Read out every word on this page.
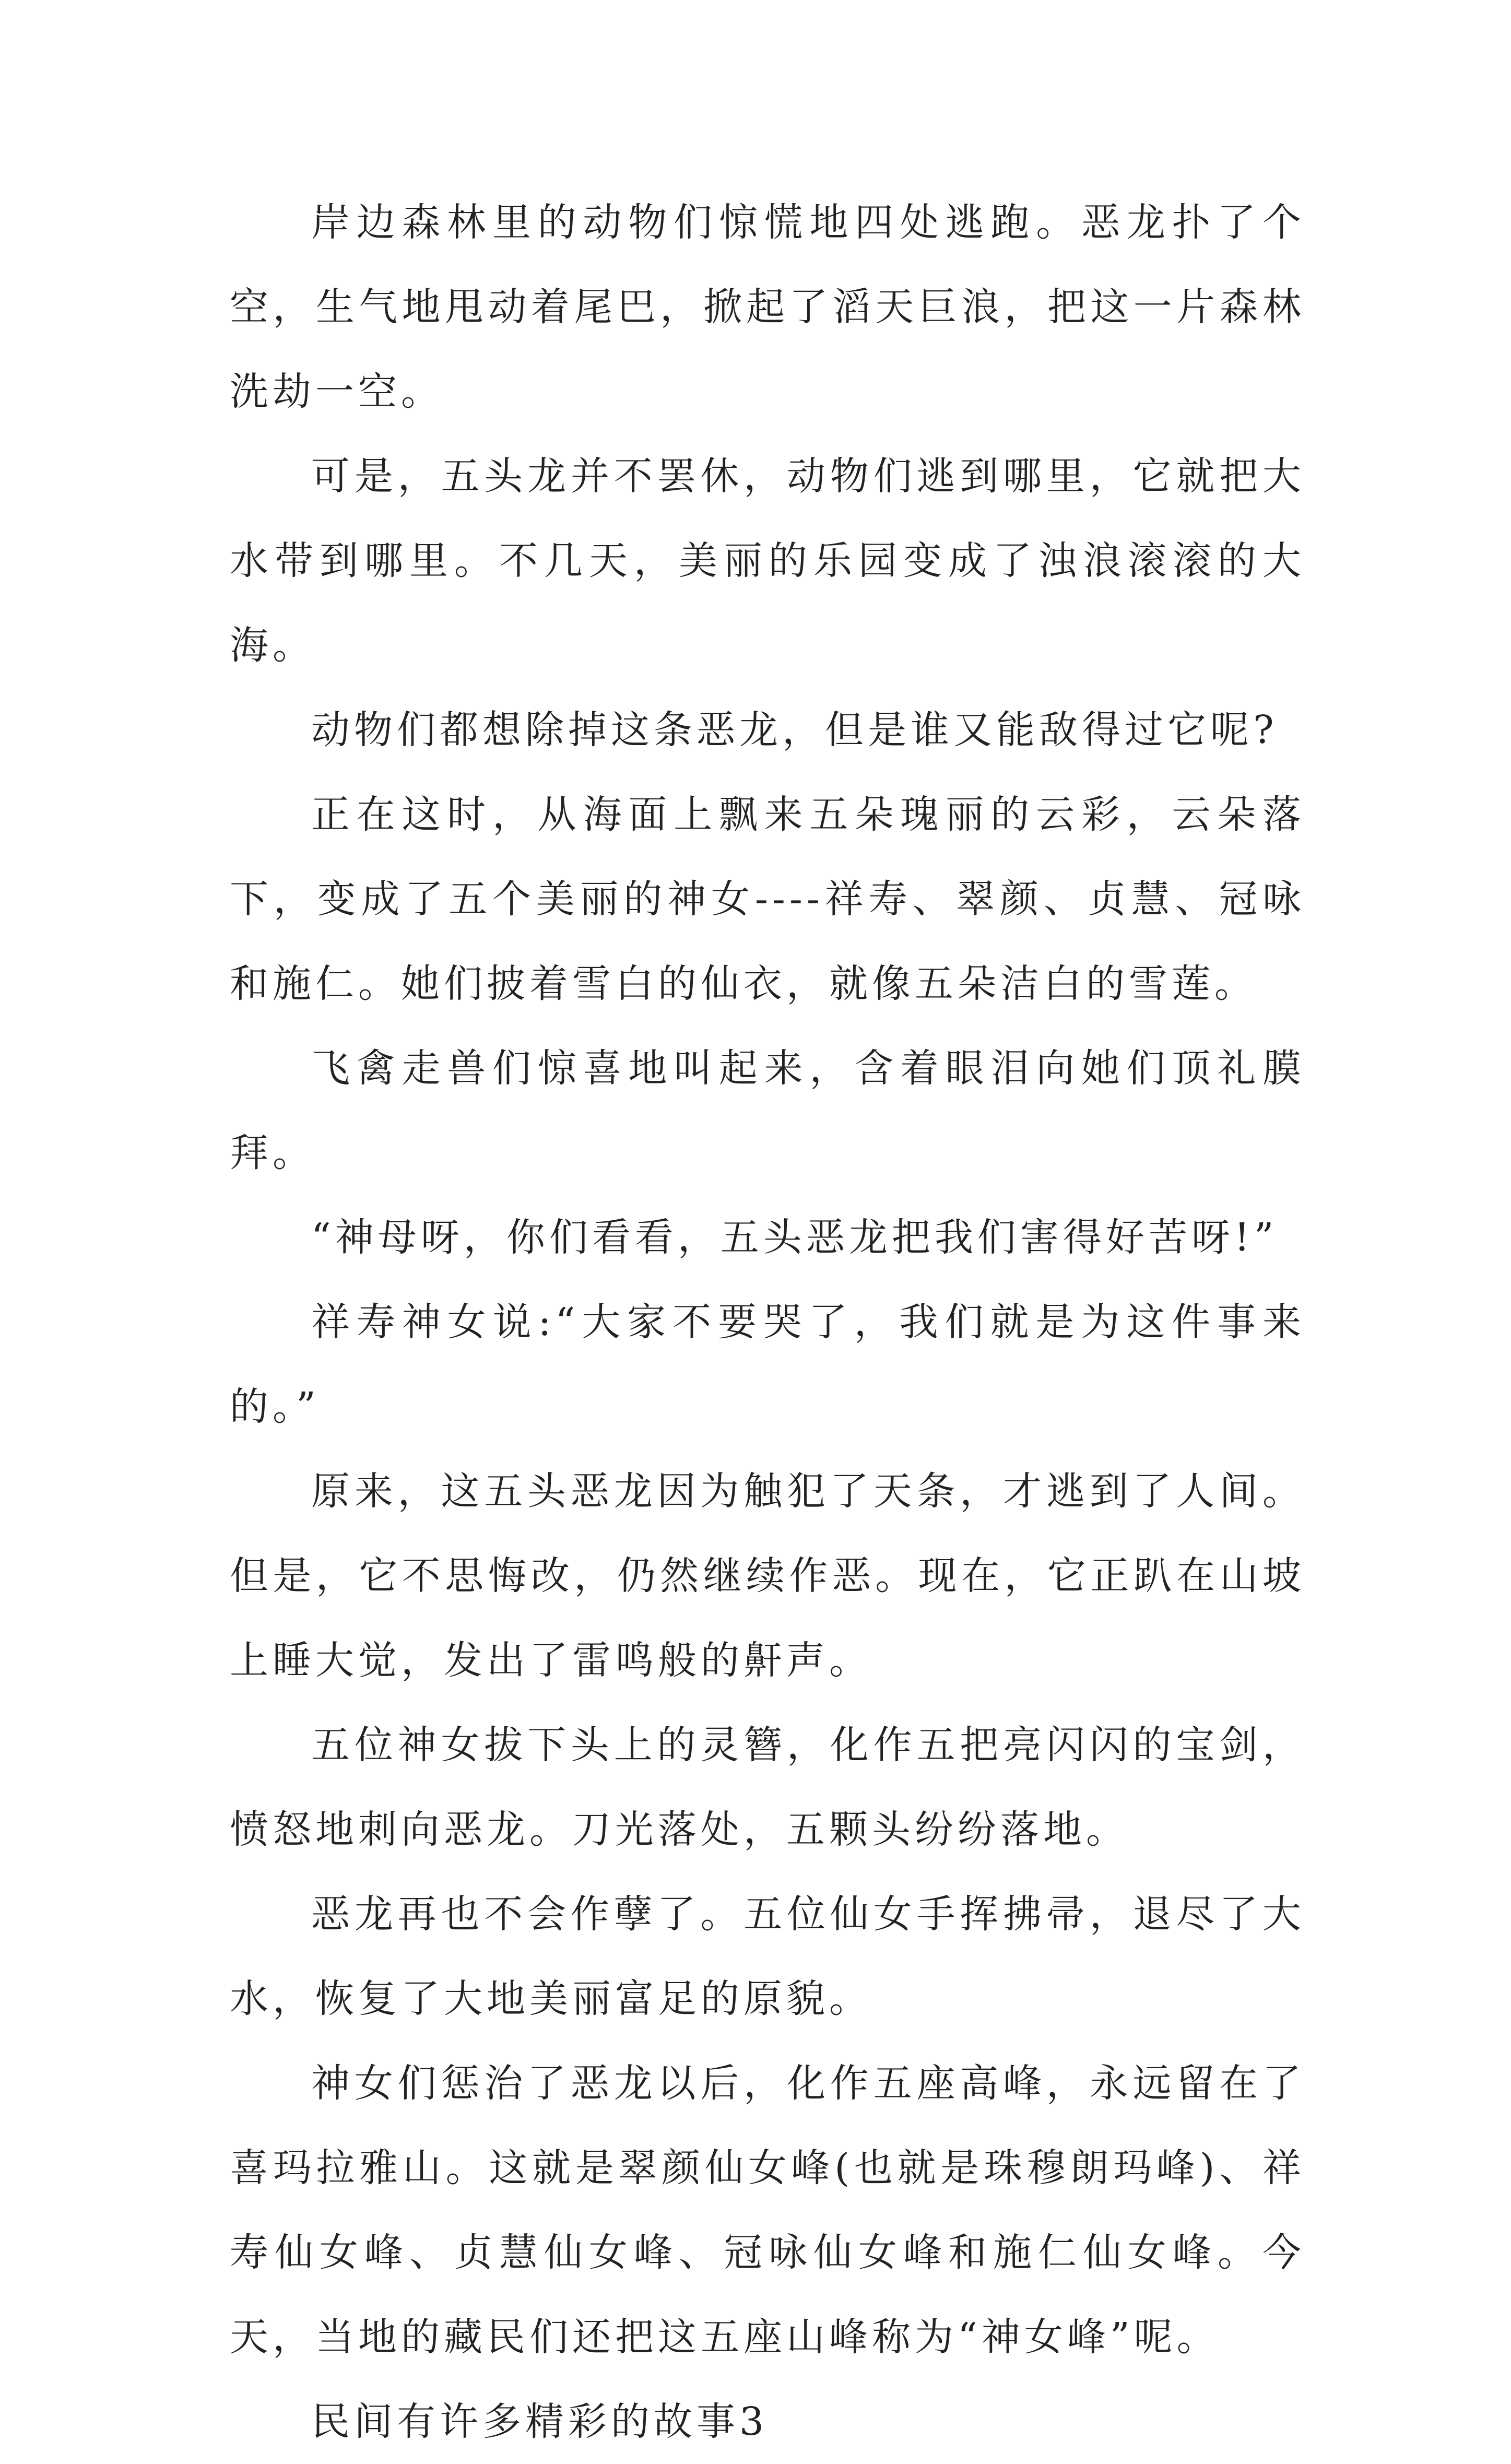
岸边森林里的动物们惊慌地四处逃跑。恶龙扑了个空，生气地甩动着尾巴，掀起了滔天巨浪，把这一片森林洗劫一空。

可是，五头龙并不罢休，动物们逃到哪里，它就把大水带到哪里。不几天，美丽的乐园变成了浊浪滚滚的大海。

动物们都想除掉这条恶龙，但是谁又能敌得过它呢?

正在这时，从海面上飘来五朵瑰丽的云彩，云朵落下，变成了五个美丽的神女----祥寿、翠颜、贞慧、冠咏和施仁。她们披着雪白的仙衣，就像五朵洁白的雪莲。

飞禽走兽们惊喜地叫起来，含着眼泪向她们顶礼膜拜。

“神母呀，你们看看，五头恶龙把我们害得好苦呀!”

祥寿神女说:“大家不要哭了，我们就是为这件事来的。”

原来，这五头恶龙因为触犯了天条，才逃到了人间。但是，它不思悔改，仍然继续作恶。现在，它正趴在山坡上睡大觉，发出了雷鸣般的鼾声。

五位神女拔下头上的灵簪，化作五把亮闪闪的宝剑，愤怒地刺向恶龙。刀光落处，五颗头纷纷落地。

恶龙再也不会作孽了。五位仙女手挥拂帚，退尽了大水，恢复了大地美丽富足的原貌。

神女们惩治了恶龙以后，化作五座高峰，永远留在了喜玛拉雅山。这就是翠颜仙女峰(也就是珠穆朗玛峰)、祥寿仙女峰、贞慧仙女峰、冠咏仙女峰和施仁仙女峰。今天，当地的藏民们还把这五座山峰称为“神女峰”呢。

民间有许多精彩的故事3
